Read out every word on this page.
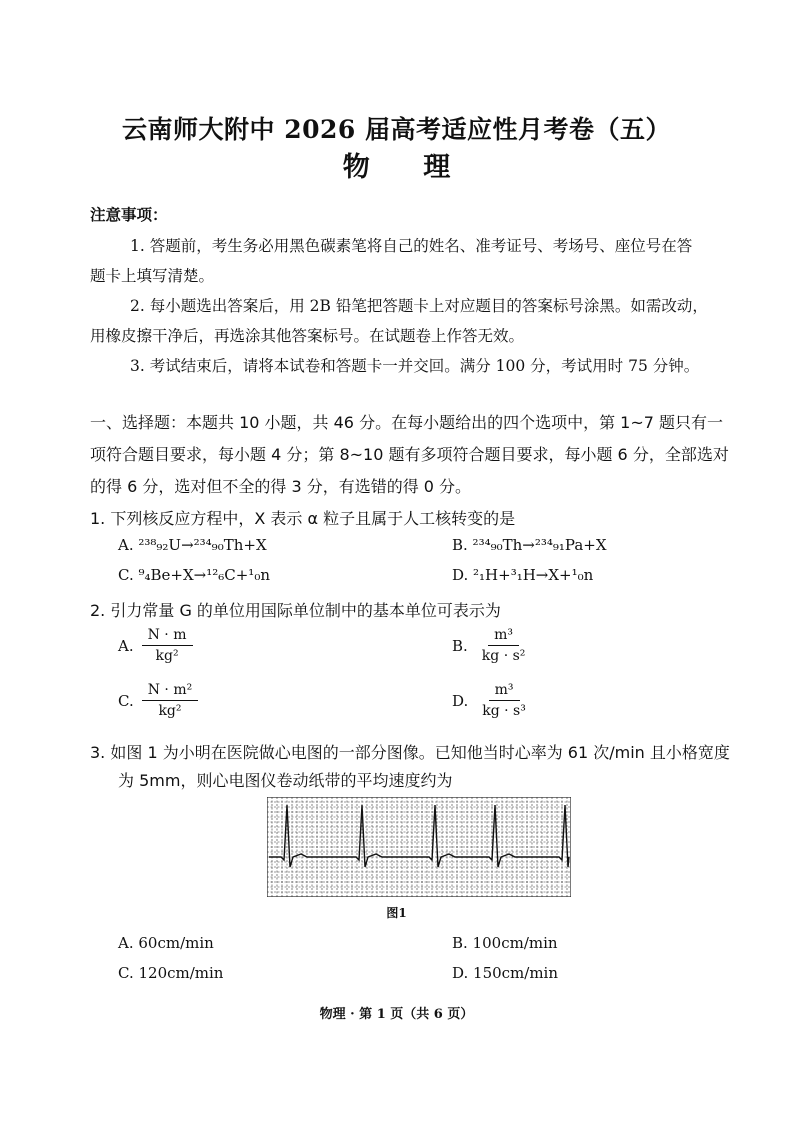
云南师大附中 2026 届高考适应性月考卷（五）
物 理
注意事项：
1. 答题前，考生务必用黑色碳素笔将自己的姓名、准考证号、考场号、座位号在答
题卡上填写清楚。
2. 每小题选出答案后，用 2B 铅笔把答题卡上对应题目的答案标号涂黑。如需改动，
用橡皮擦干净后，再选涂其他答案标号。在试题卷上作答无效。
3. 考试结束后，请将本试卷和答题卡一并交回。满分 100 分，考试用时 75 分钟。
一、选择题：本题共 10 小题，共 46 分。在每小题给出的四个选项中，第 1~7 题只有一
项符合题目要求，每小题 4 分；第 8~10 题有多项符合题目要求，每小题 6 分，全部选对
的得 6 分，选对但不全的得 3 分，有选错的得 0 分。
1. 下列核反应方程中，X 表示 α 粒子且属于人工核转变的是
A. ²³⁸₉₂U→²³⁴₉₀Th+X	B. ²³⁴₉₀Th→²³⁴₉₁Pa+X
C. ⁹₄Be+X→¹²₆C+¹₀n	D. ²₁H+³₁H→X+¹₀n
2. 引力常量 G 的单位用国际单位制中的基本单位可表示为
A. $\frac{N \cdot m}{\text{kg²}}$	B. $\frac{\text{m³}}{\text{kg · s²}}$
C. $\frac{\text{N · m²}}{\text{kg²}}$	D. $\frac{\text{m³}}{\text{kg · s³}}$
3. 如图 1 为小明在医院做心电图的一部分图像。已知他当时心率为 61 次/min 且小格宽度
为 5mm，则心电图仪卷动纸带的平均速度约为
图1
A. 60cm/min	B. 100cm/min
C. 120cm/min	D. 150cm/min
物理 · 第 1 页（共 6 页）
